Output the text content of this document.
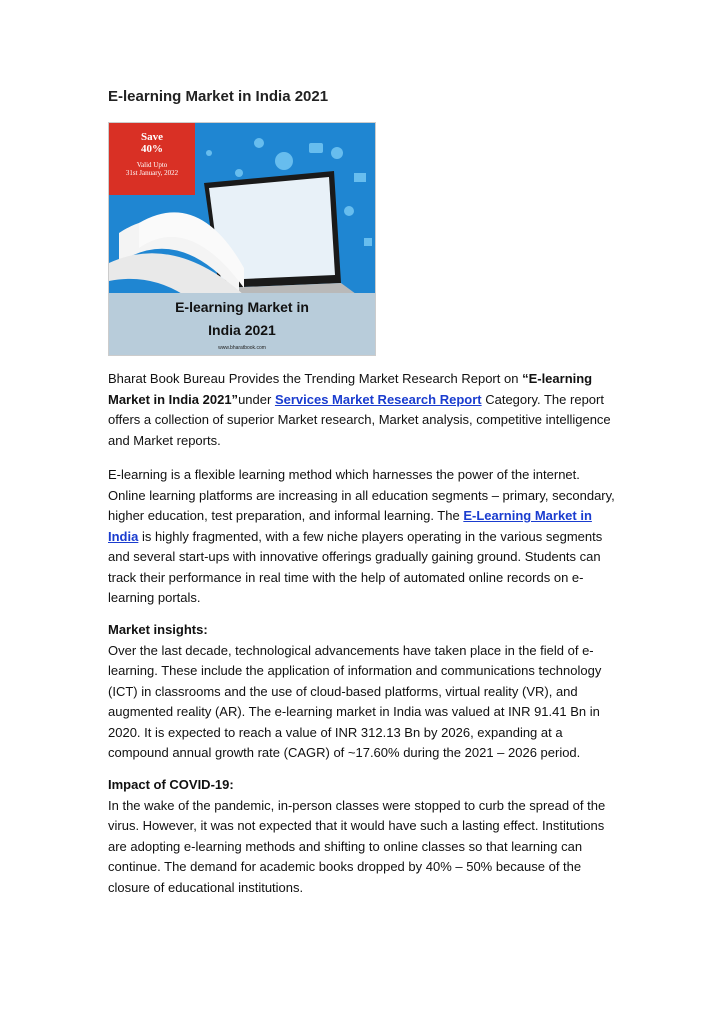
E-learning Market in India 2021
Save
40%
Valid Upto
31st January, 2022
E-learning Market in
India 2021
www.bharatbook.com
Bharat Book Bureau Provides the Trending Market Research Report on “E-learning Market in India 2021”under Services Market Research Report Category. The report offers a collection of superior Market research, Market analysis, competitive intelligence and Market reports.
E-learning is a flexible learning method which harnesses the power of the internet. Online learning platforms are increasing in all education segments – primary, secondary, higher education, test preparation, and informal learning. The E-Learning Market in India is highly fragmented, with a few niche players operating in the various segments and several start-ups with innovative offerings gradually gaining ground. Students can track their performance in real time with the help of automated online records on e-learning portals.
Market insights:
Over the last decade, technological advancements have taken place in the field of e-learning. These include the application of information and communications technology (ICT) in classrooms and the use of cloud-based platforms, virtual reality (VR), and augmented reality (AR). The e-learning market in India was valued at INR 91.41 Bn in 2020. It is expected to reach a value of INR 312.13 Bn by 2026, expanding at a compound annual growth rate (CAGR) of ~17.60% during the 2021 – 2026 period.
Impact of COVID-19:
In the wake of the pandemic, in-person classes were stopped to curb the spread of the virus. However, it was not expected that it would have such a lasting effect. Institutions are adopting e-learning methods and shifting to online classes so that learning can continue. The demand for academic books dropped by 40% – 50% because of the closure of educational institutions.
